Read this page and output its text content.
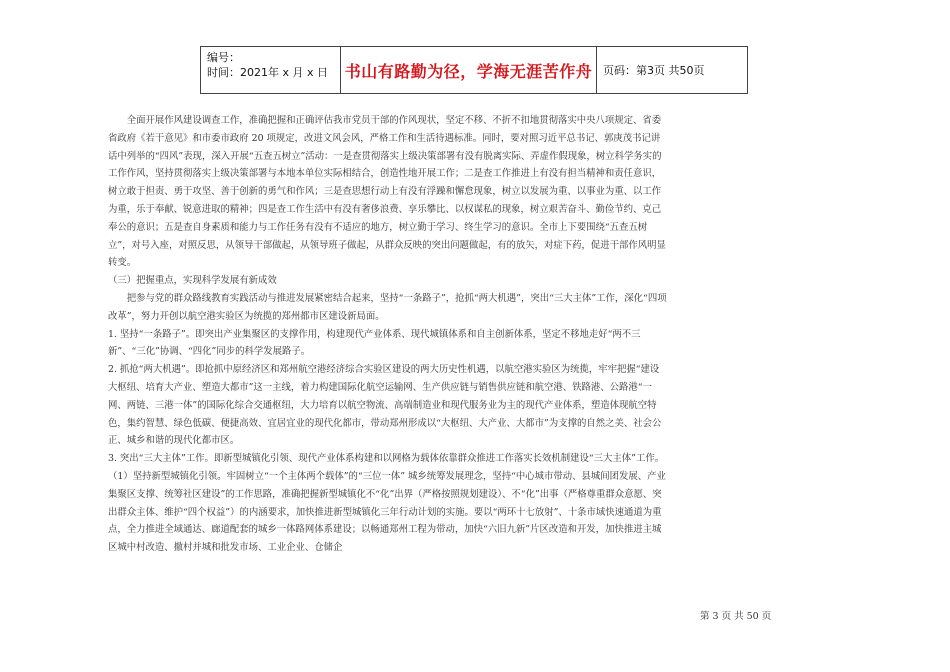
编号：
时间：2021年 x 月 x 日	书山有路勤为径，学海无涯苦作舟 页码：第3页 共50页

全面开展作风建设调查工作，准确把握和正确评估我市党员干部的作风现状，坚定不移、不折不扣地贯彻落实中央八项规定、省委省政府《若干意见》和市委市政府 20 项规定，改进文风会风，严格工作和生活待遇标准。同时，要对照习近平总书记、郭庚茂书记讲话中列举的“四风”表现，深入开展“五查五树立”活动：一是查贯彻落实上级决策部署有没有脱离实际、弄虚作假现象，树立科学务实的工作作风，坚持贯彻落实上级决策部署与本地本单位实际相结合，创造性地开展工作；二是查工作推进上有没有担当精神和责任意识，树立敢于担责、勇于攻坚、善于创新的勇气和作风；三是查思想行动上有没有浮躁和懈怠现象，树立以发展为重、以事业为重、以工作为重，乐于奉献、锐意进取的精神；四是查工作生活中有没有奢侈浪费、享乐攀比、以权谋私的现象，树立艰苦奋斗、勤俭节约、克己奉公的意识；五是查自身素质和能力与工作任务有没有不适应的地方，树立勤于学习、终生学习的意识。全市上下要围绕“五查五树立”，对号入座，对照反思，从领导干部做起，从领导班子做起，从群众反映的突出问题做起，有的放矢，对症下药，促进干部作风明显转变。

（三）把握重点，实现科学发展有新成效

把参与党的群众路线教育实践活动与推进发展紧密结合起来，坚持“一条路子”，抢抓“两大机遇”，突出“三大主体”工作，深化“四项改革”，努力开创以航空港实验区为统揽的郑州都市区建设新局面。

1. 坚持“一条路子”。即突出产业集聚区的支撑作用，构建现代产业体系、现代城镇体系和自主创新体系，坚定不移地走好“两不三新”、“三化”协调、“四化”同步的科学发展路子。

2. 抓抢“两大机遇”。即抢抓中原经济区和郑州航空港经济综合实验区建设的两大历史性机遇，以航空港实验区为统揽，牢牢把握“建设大枢纽、培育大产业、塑造大都市”这一主线，着力构建国际化航空运输网、生产供应链与销售供应链和航空港、铁路港、公路港“一网、两链、三港一体”的国际化综合交通枢纽，大力培育以航空物流、高端制造业和现代服务业为主的现代产业体系，塑造体现航空特色，集约智慧、绿色低碳、便捷高效、宜居宜业的现代化都市，带动郑州形成以“大枢纽、大产业、大都市”为支撑的自然之美、社会公正、城乡和谐的现代化都市区。

3. 突出“三大主体”工作。即新型城镇化引领、现代产业体系构建和以网格为载体依靠群众推进工作落实长效机制建设“三大主体”工作。

（1）坚持新型城镇化引领。牢固树立“一个主体两个载体”的“三位一体” 城乡统筹发展理念，坚持“中心城市带动、县城间团发展、产业集聚区支撑、统筹社区建设”的工作思路，准确把握新型城镇化不“化”出界（严格按照规划建设）、不“化”出事（严格尊重群众意愿、突出群众主体、维护“四个权益”）的内涵要求，加快推进新型城镇化三年行动计划的实施。要以“两环十七放射”、十条市域快速通道为重点，全力推进全域通达、廊道配套的城乡一体路网体系建设；以畅通郑州工程为带动，加快“六旧九新”片区改造和开发，加快推进主城区城中村改造、撤村并城和批发市场、工业企业、仓储企

第 3 页 共 50 页
